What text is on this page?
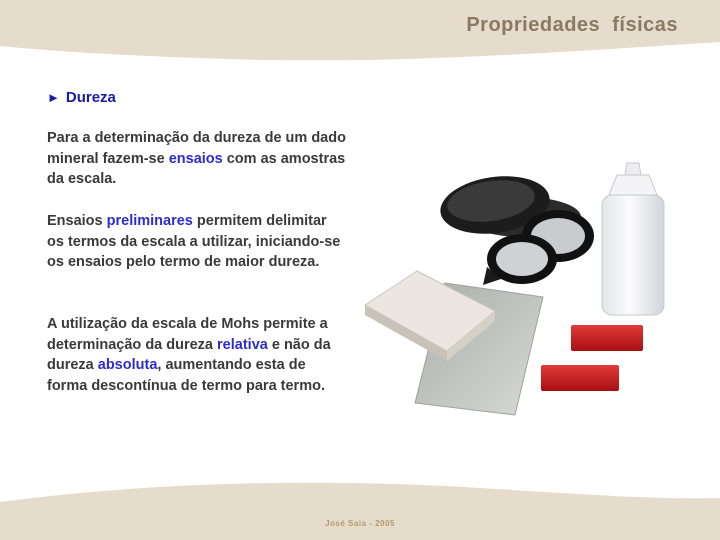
Propriedades físicas
► Dureza
Para a determinação da dureza de um dado mineral fazem-se ensaios com as amostras da escala.
Ensaios preliminares permitem delimitar os termos da escala a utilizar, iniciando-se os ensaios pelo termo de maior dureza.
A utilização da escala de Mohs permite a determinação da dureza relativa e não da dureza absoluta, aumentando esta de forma descontínua de termo para termo.
José Saia - 2005
